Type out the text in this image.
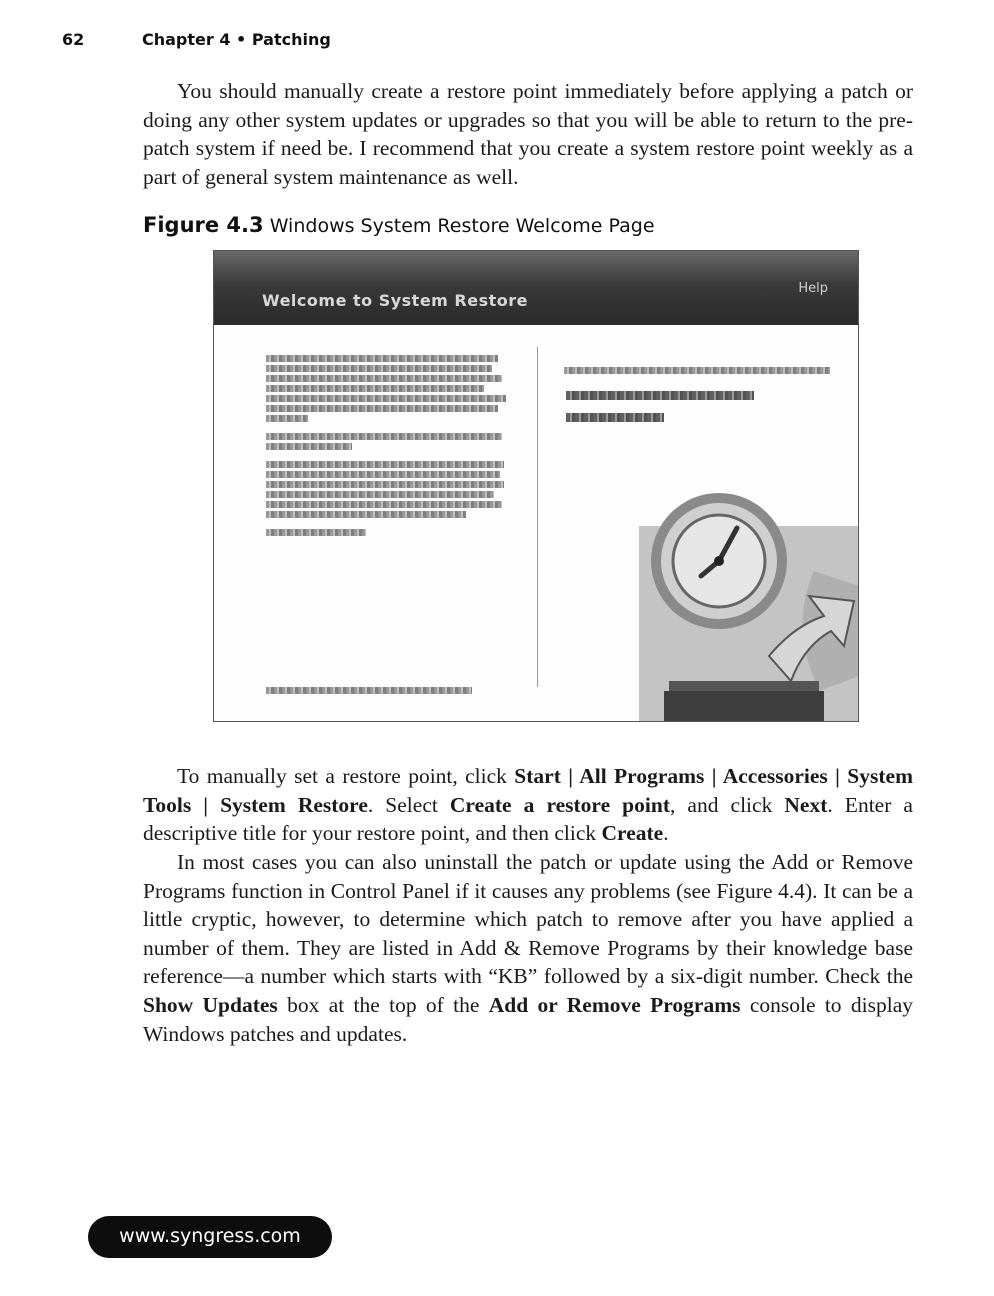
62	Chapter 4 • Patching

You should manually create a restore point immediately before applying a patch or doing any other system updates or upgrades so that you will be able to return to the pre-patch system if need be. I recommend that you create a system restore point weekly as a part of general system maintenance as well.

Figure 4.3 Windows System Restore Welcome Page
Welcome to System Restore
Help

To manually set a restore point, click Start | All Programs | Accessories | System Tools | System Restore. Select Create a restore point, and click Next. Enter a descriptive title for your restore point, and then click Create.

In most cases you can also uninstall the patch or update using the Add or Remove Programs function in Control Panel if it causes any problems (see Figure 4.4). It can be a little cryptic, however, to determine which patch to remove after you have applied a number of them. They are listed in Add & Remove Programs by their knowledge base reference—a number which starts with “KB” followed by a six-digit number. Check the Show Updates box at the top of the Add or Remove Programs console to display Windows patches and updates.

www.syngress.com
